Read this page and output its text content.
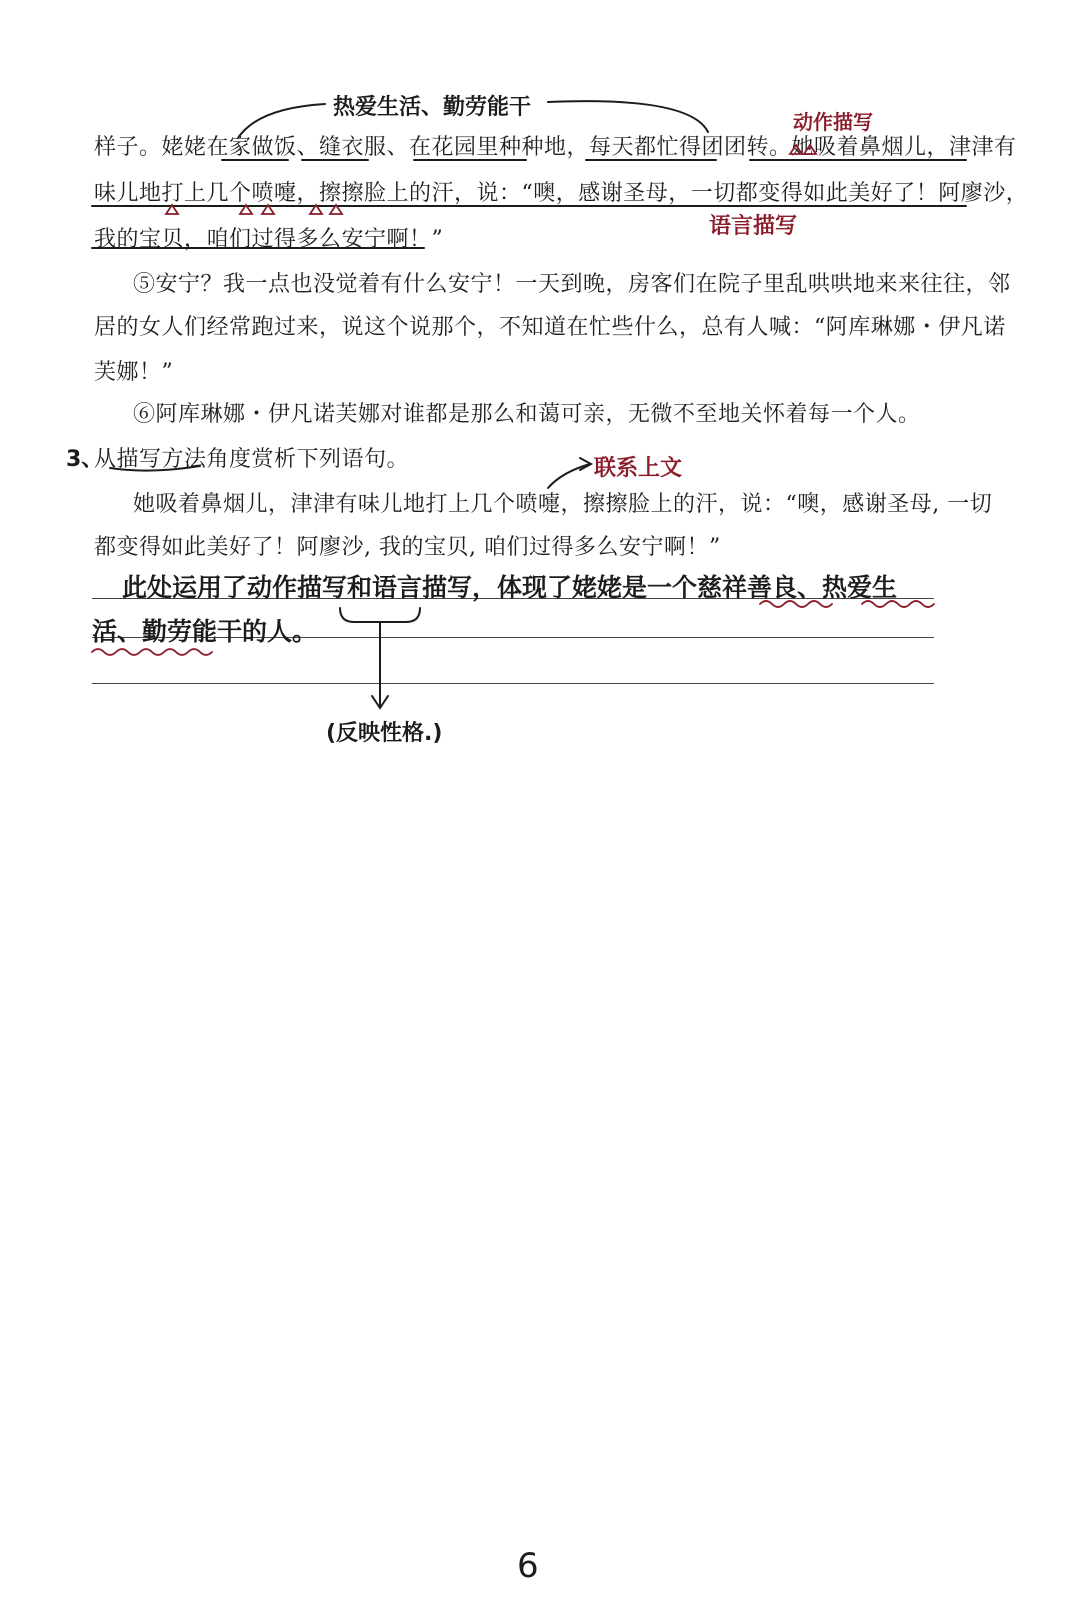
样子。姥姥在家做饭、缝衣服、在花园里种种地，每天都忙得团团转。她吸着鼻烟儿，津津有
味儿地打上几个喷嚏，擦擦脸上的汗，说：“噢，感谢圣母，一切都变得如此美好了！阿廖沙，
我的宝贝，咱们过得多么安宁啊！”
⑤安宁？我一点也没觉着有什么安宁！一天到晚，房客们在院子里乱哄哄地来来往往，邻
居的女人们经常跑过来，说这个说那个，不知道在忙些什么，总有人喊：“阿库琳娜・伊凡诺
芙娜！”
⑥阿库琳娜・伊凡诺芙娜对谁都是那么和蔼可亲，无微不至地关怀着每一个人。
3、
从描写方法角度赏析下列语句。
她吸着鼻烟儿，津津有味儿地打上几个喷嚏，擦擦脸上的汗，说：“噢，感谢圣母, 一切
都变得如此美好了！阿廖沙, 我的宝贝, 咱们过得多么安宁啊！”
热爱生活、勤劳能干
动作描写
语言描写
联系上文
此处运用了动作描写和语言描写，体现了姥姥是一个慈祥善良、热爱生
活、勤劳能干的人。
(反映性格.)
6
